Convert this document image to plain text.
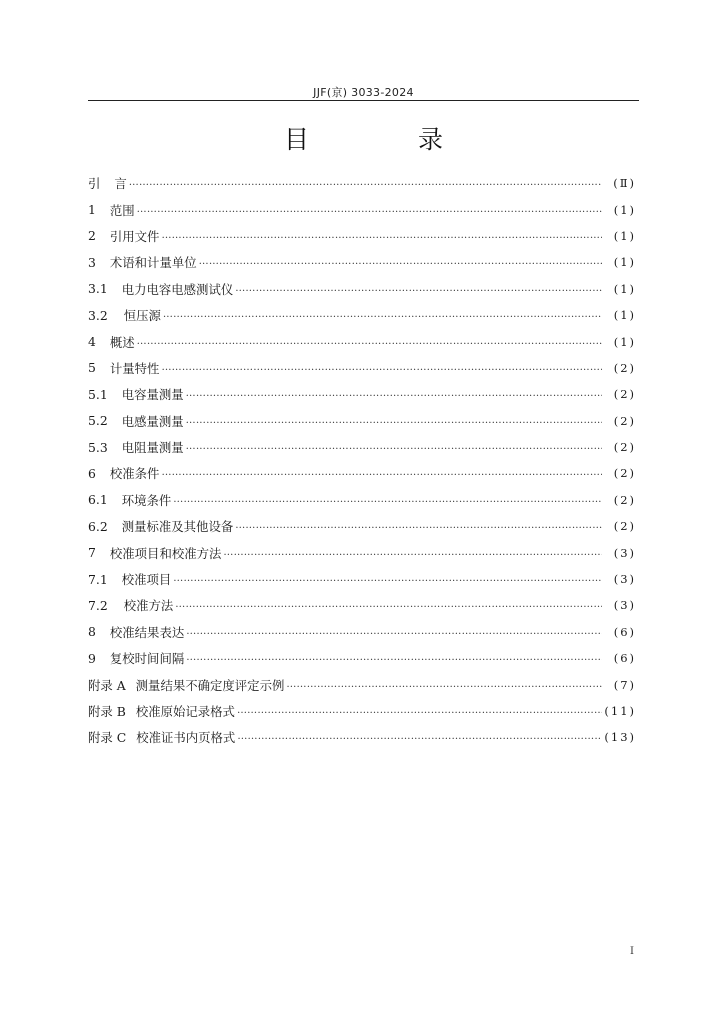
JJF(京) 3033-2024
目　录
引 言 …………………………………………………………………………………………………………………………………………………………………………………………………………………………	(Ⅱ)
1 范围 …………………………………………………………………………………………………………………………………………………………………………………………………………………………	(1)
2 引用文件 …………………………………………………………………………………………………………………………………………………………………………………………………………………………	(1)
3 术语和计量单位 …………………………………………………………………………………………………………………………………………………………………………………………………………………………	(1)
3.1 电力电容电感测试仪 …………………………………………………………………………………………………………………………………………………………………………………………………………………………	(1)
3.2 恒压源 …………………………………………………………………………………………………………………………………………………………………………………………………………………………	(1)
4 概述 …………………………………………………………………………………………………………………………………………………………………………………………………………………………	(1)
5 计量特性 …………………………………………………………………………………………………………………………………………………………………………………………………………………………	(2)
5.1 电容量测量 …………………………………………………………………………………………………………………………………………………………………………………………………………………………	(2)
5.2 电感量测量 …………………………………………………………………………………………………………………………………………………………………………………………………………………………	(2)
5.3 电阻量测量 …………………………………………………………………………………………………………………………………………………………………………………………………………………………	(2)
6 校准条件 …………………………………………………………………………………………………………………………………………………………………………………………………………………………	(2)
6.1 环境条件 …………………………………………………………………………………………………………………………………………………………………………………………………………………………	(2)
6.2 测量标准及其他设备 …………………………………………………………………………………………………………………………………………………………………………………………………………………………	(2)
7 校准项目和校准方法 …………………………………………………………………………………………………………………………………………………………………………………………………………………………	(3)
7.1 校准项目 …………………………………………………………………………………………………………………………………………………………………………………………………………………………	(3)
7.2 校准方法 …………………………………………………………………………………………………………………………………………………………………………………………………………………………	(3)
8 校准结果表达 …………………………………………………………………………………………………………………………………………………………………………………………………………………………	(6)
9 复校时间间隔 …………………………………………………………………………………………………………………………………………………………………………………………………………………………	(6)
附录 A 测量结果不确定度评定示例 …………………………………………………………………………………………………………………………………………………………………………………………………………………………	(7)
附录 B 校准原始记录格式 …………………………………………………………………………………………………………………………………………………………………………………………………………………………	(11)
附录 C 校准证书内页格式 …………………………………………………………………………………………………………………………………………………………………………………………………………………………	(13)
I
